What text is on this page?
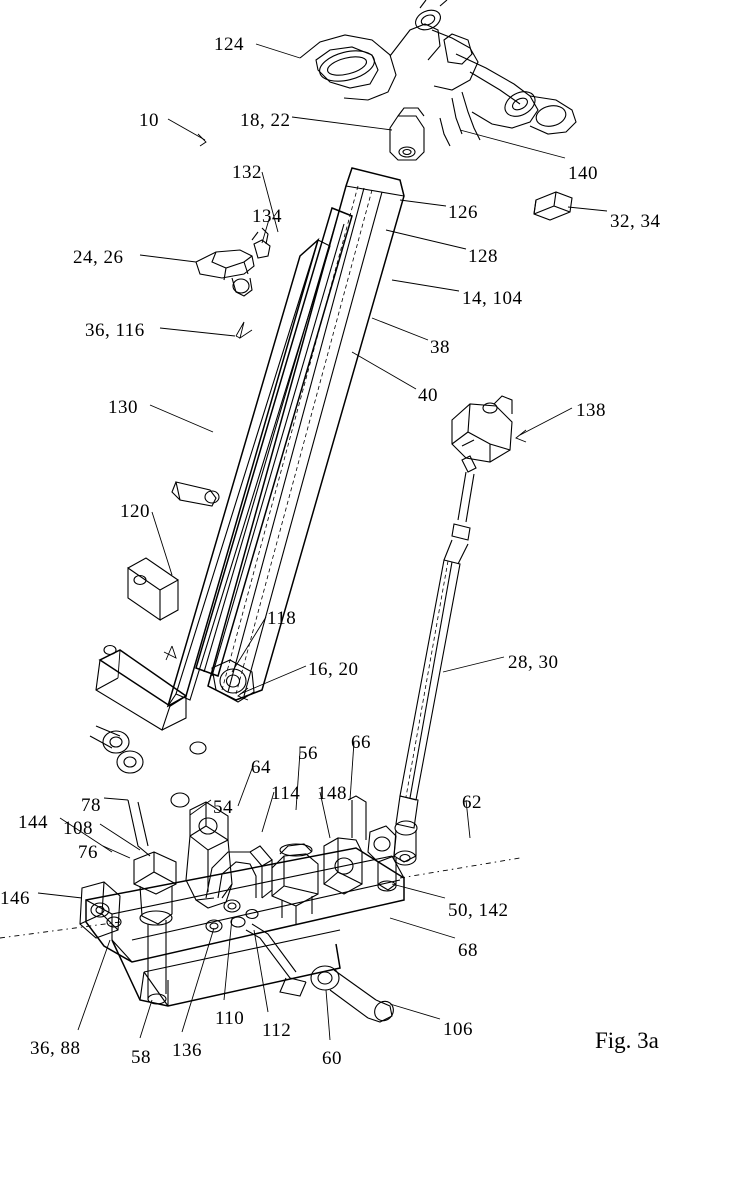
124
10	18, 22
140
132
134	126	32, 34
128
24, 26
14, 104
36, 116
38
130
40
138
120
118
28, 30
16, 20
64
56
66
62
114 148
78	54
144 108
76
50, 142
146
68
110
112	106
36, 88	58 136	60
Fig. 3a
